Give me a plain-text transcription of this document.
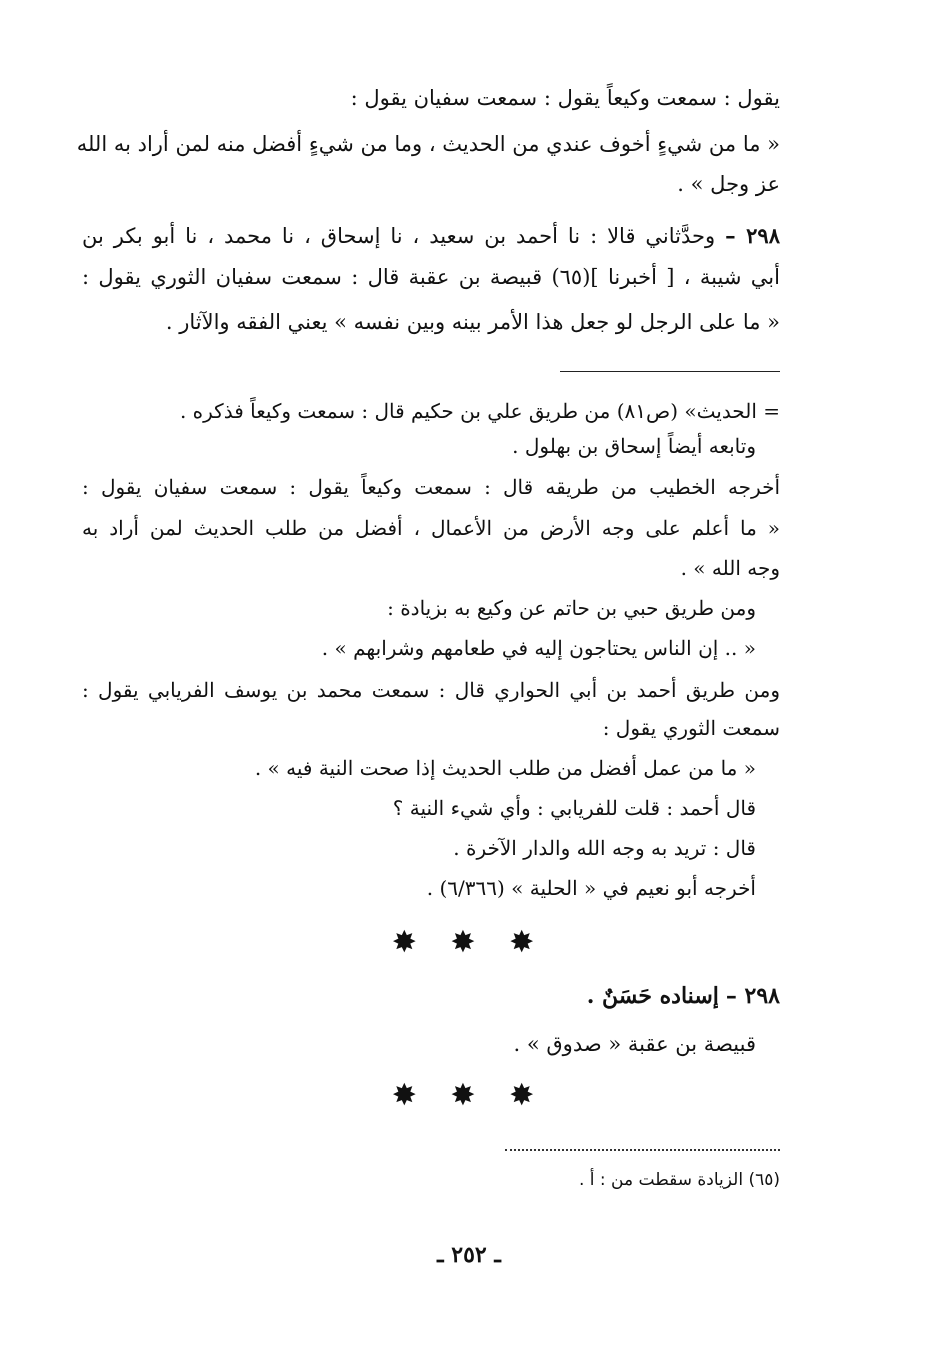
يقول : سمعت وكيعاً يقول : سمعت سفيان يقول :
« ما من شيءٍ أخوف عندي من الحديث ، وما من شيءٍ أفضل منه لمن أراد به الله
عز وجل » .
٢٩٨ – وحدَّثاني قالا : نا أحمد بن سعيد ، نا إسحاق ، نا محمد ، نا أبو بكر بن
أبي شيبة ، [ أخبرنا ](٦٥) قبيصة بن عقبة قال : سمعت سفيان الثوري يقول :
« ما على الرجل لو جعل هذا الأمر بينه وبين نفسه » يعني الفقه والآثار .
= الحديث» (ص٨١) من طريق علي بن حكيم قال : سمعت وكيعاً فذكره .
وتابعه أيضاً إسحاق بن بهلول .
أخرجه الخطيب من طريقه قال : سمعت وكيعاً يقول : سمعت سفيان يقول :
« ما أعلم على وجه الأرض من الأعمال ، أفضل من طلب الحديث لمن أراد به
وجه الله » .
ومن طريق حبي بن حاتم عن وكيع به بزيادة :
« .. إن الناس يحتاجون إليه في طعامهم وشرابهم » .
ومن طريق أحمد بن أبي الحواري قال : سمعت محمد بن يوسف الفريابي يقول :
سمعت الثوري يقول :
« ما من عمل أفضل من طلب الحديث إذا صحت النية فيه » .
قال أحمد : قلت للفريابي : وأي شيء النية ؟
قال : تريد به وجه الله والدار الآخرة .
أخرجه أبو نعيم في « الحلية » (٦/٣٦٦) .
✸ ✸ ✸
٢٩٨ – إسناده حَسَنٌ .
قبيصة بن عقبة « صدوق » .
✸ ✸ ✸
(٦٥) الزيادة سقطت من : أ .
ـ ٢٥٢ ـ
